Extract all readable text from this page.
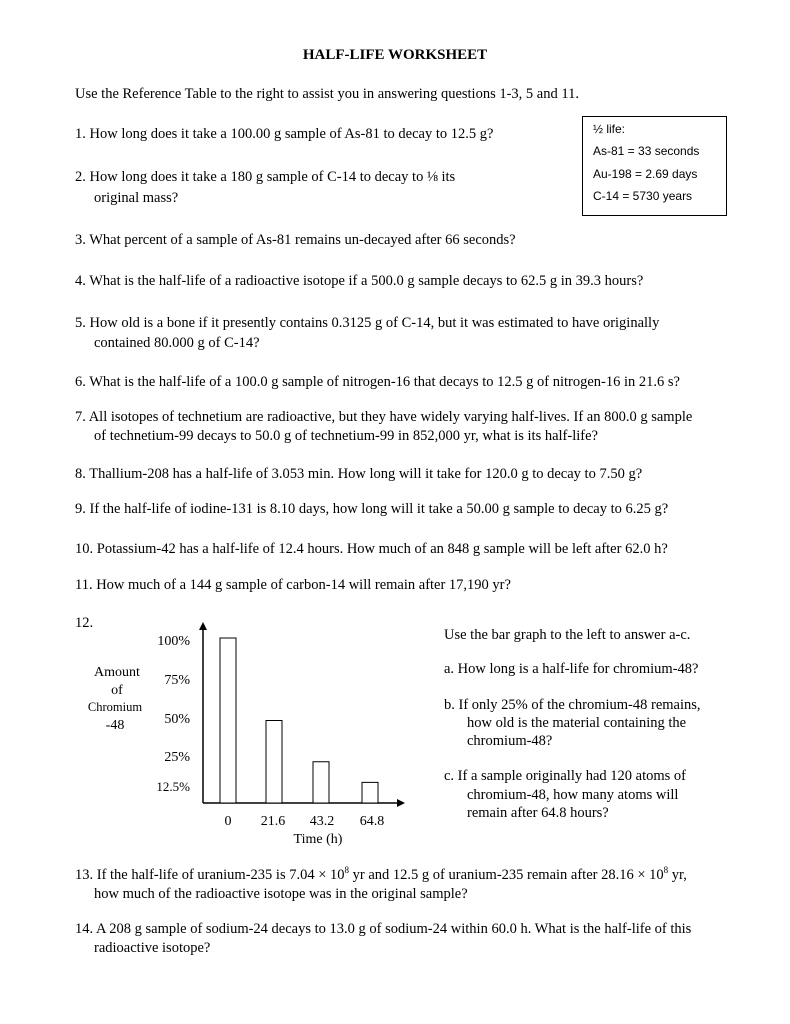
HALF-LIFE WORKSHEET
Use the Reference Table to the right to assist you in answering questions 1-3, 5 and 11.
½ life:
As-81 = 33 seconds
Au-198 = 2.69 days
C-14 = 5730 years
1. How long does it take a 100.00 g sample of As-81 to decay to 12.5 g?
2. How long does it take a 180 g sample of C-14 to decay to ⅛ its
original mass?
3. What percent of a sample of As-81 remains un-decayed after 66 seconds?
4. What is the half-life of a radioactive isotope if a 500.0 g sample decays to 62.5 g in 39.3 hours?
5. How old is a bone if it presently contains 0.3125 g of C-14, but it was estimated to have originally
contained 80.000 g of C-14?
6. What is the half-life of a 100.0 g sample of nitrogen-16 that decays to 12.5 g of nitrogen-16 in 21.6 s?
7. All isotopes of technetium are radioactive, but they have widely varying half-lives. If an 800.0 g sample
of technetium-99 decays to 50.0 g of technetium-99 in 852,000 yr, what is its half-life?
8. Thallium-208 has a half-life of 3.053 min. How long will it take for 120.0 g to decay to 7.50 g?
9. If the half-life of iodine-131 is 8.10 days, how long will it take a 50.00 g sample to decay to 6.25 g?
10. Potassium-42 has a half-life of 12.4 hours. How much of an 848 g sample will be left after 62.0 h?
11. How much of a 144 g sample of carbon-14 will remain after 17,190 yr?
12.
100%
75%
50%
25%
12.5%
Amount
of
Chromium
-48
0 21.6 43.2 64.8
Time (h)
Use the bar graph to the left to answer a-c.
a. How long is a half-life for chromium-48?
b. If only 25% of the chromium-48 remains,
how old is the material containing the
chromium-48?
c. If a sample originally had 120 atoms of
chromium-48, how many atoms will
remain after 64.8 hours?
13. If the half-life of uranium-235 is $7.04 \times 10^8$ yr and 12.5 g of uranium-235 remain after $28.16 \times 10^8$ yr,
how much of the radioactive isotope was in the original sample?
14. A 208 g sample of sodium-24 decays to 13.0 g of sodium-24 within 60.0 h. What is the half-life of this
radioactive isotope?
